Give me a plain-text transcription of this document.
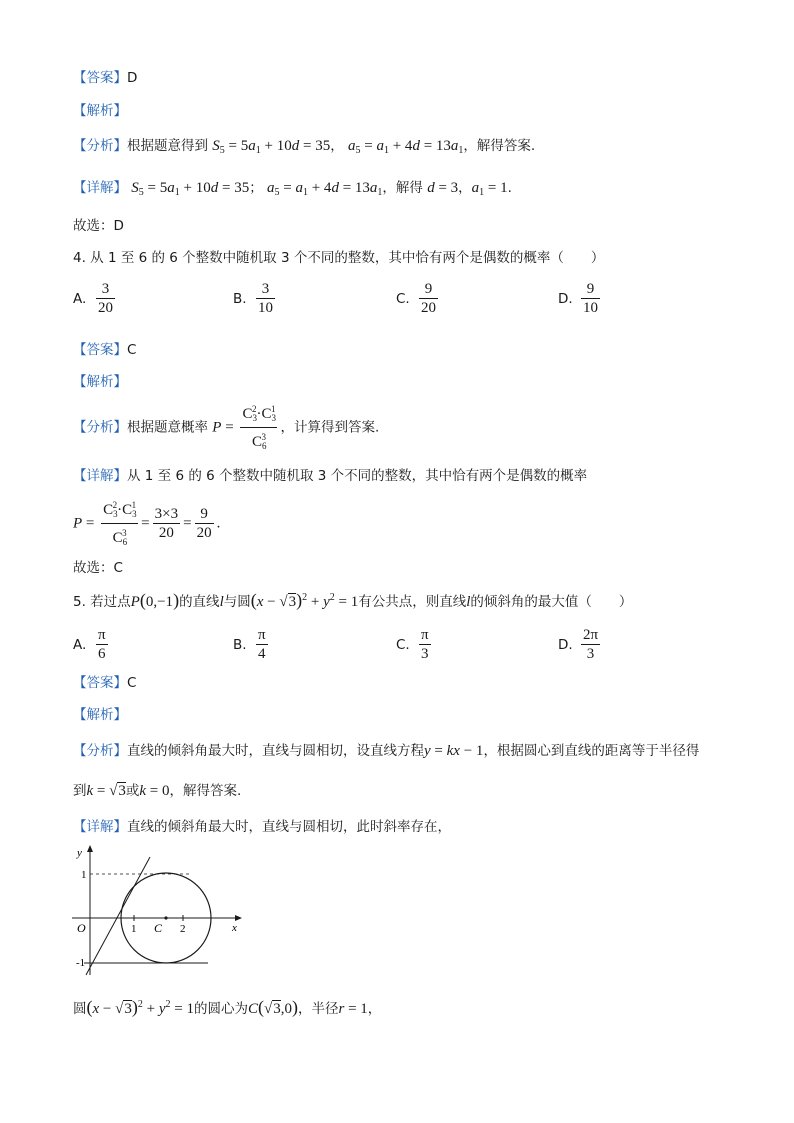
【答案】D
【解析】
【分析】根据题意得到 $S_5 = 5a_1 + 10d = 35$， $a_5 = a_1 + 4d = 13a_1$，解得答案.
【详解】 $S_5 = 5a_1 + 10d = 35$； $a_5 = a_1 + 4d = 13a_1$，解得 d = 3，$a_1 = 1$.
故选：D
4. 从 1 至 6 的 6 个整数中随机取 3 个不同的整数，其中恰有两个是偶数的概率（　　）
A. $\frac{3}{20}$	B. $\frac{3}{10}$	C. $\frac{9}{20}$	D. $\frac{9}{10}$
【答案】C
【解析】
【分析】根据题意概率 $P = \frac{C_3^2\cdot C_3^1}{C_6^3}$ ，计算得到答案.
【详解】从 1 至 6 的 6 个整数中随机取 3 个不同的整数，其中恰有两个是偶数的概率
$P = \frac{C_3^2\cdot C_3^1}{C_6^3} = \frac{3\times 3}{20} = \frac{9}{20}$ .
故选：C
5. 若过点P(0,−1)的直线l与圆$(x - √3)^2 + y^2 = 1$有公共点，则直线l的倾斜角的最大值（　　）
A. $\frac{\pi}{6}$	B. $\frac{\pi}{4}$	C. $\frac{\pi}{3}$	D. $\frac{2\pi}{3}$
【答案】C
【解析】
【分析】直线的倾斜角最大时，直线与圆相切，设直线方程y = kx − 1，根据圆心到直线的距离等于半径得
到k = √3或k = 0，解得答案.
【详解】直线的倾斜角最大时，直线与圆相切，此时斜率存在，
x
y
O
1
-1
1	2
C
圆$(x - √3)^2 + y^2 = 1$的圆心为C(√3,0)，半径r = 1，
